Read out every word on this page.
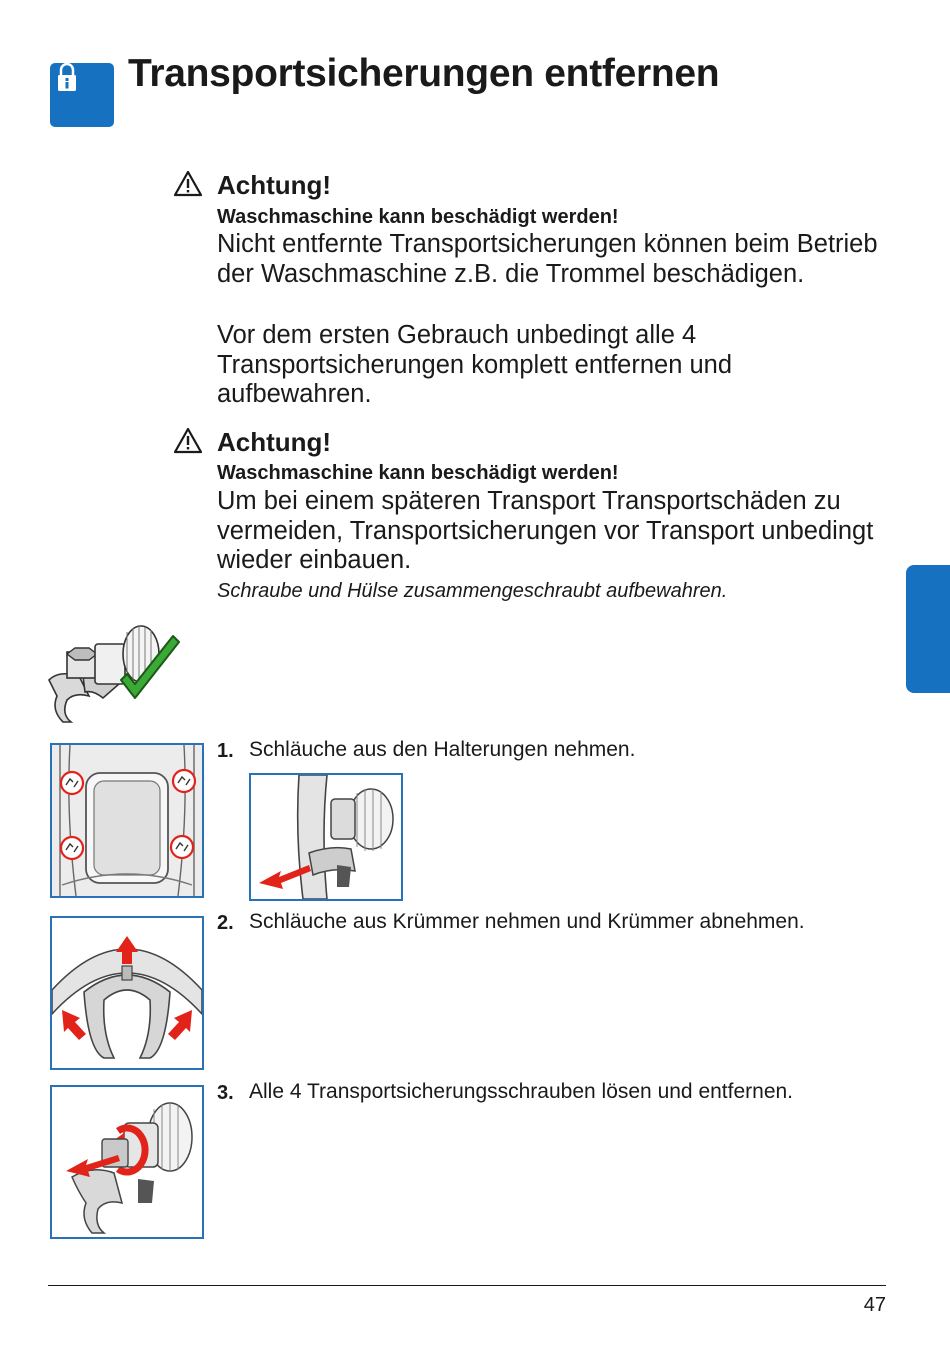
Transportsicherungen entfernen
Achtung!
Waschmaschine kann beschädigt werden!
Nicht entfernte Transportsicherungen können beim Betrieb der Waschmaschine z.B. die Trommel beschädigen.
Vor dem ersten Gebrauch unbedingt alle 4 Transportsicherungen komplett entfernen und aufbewahren.
Achtung!
Waschmaschine kann beschädigt werden!
Um bei einem späteren Transport Transportschäden zu vermeiden, Transportsicherungen vor Transport unbedingt wieder einbauen.
Schraube und Hülse zusammengeschraubt aufbewahren.
1. Schläuche aus den Halterungen nehmen.
2. Schläuche aus Krümmer nehmen und Krümmer abnehmen.
3. Alle 4 Transportsicherungsschrauben lösen und entfernen.
47
